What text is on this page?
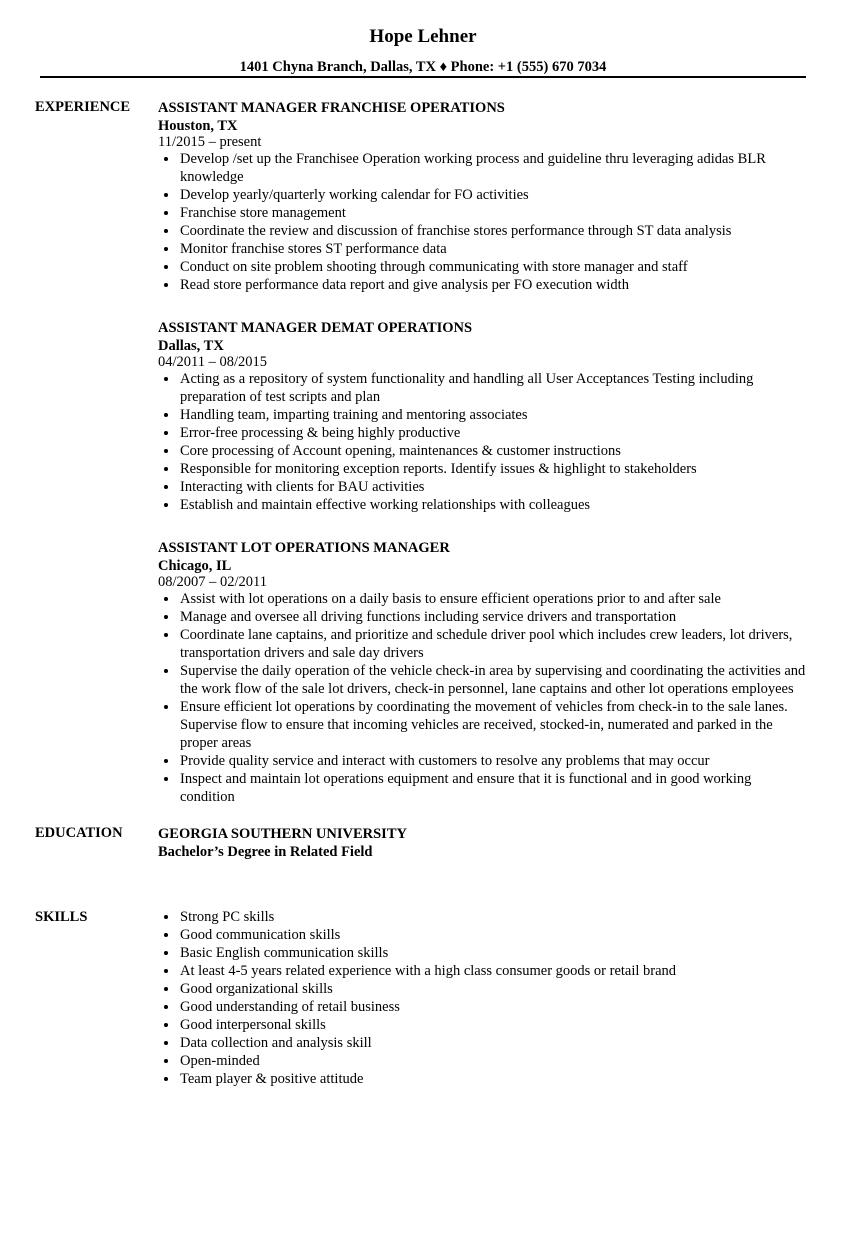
Hope Lehner
1401 Chyna Branch, Dallas, TX ♦ Phone: +1 (555) 670 7034
EXPERIENCE ASSISTANT MANAGER FRANCHISE OPERATIONS
Houston, TX
11/2015 – present
Develop /set up the Franchisee Operation working process and guideline thru leveraging adidas BLR knowledge
Develop yearly/quarterly working calendar for FO activities
Franchise store management
Coordinate the review and discussion of franchise stores performance through ST data analysis
Monitor franchise stores ST performance data
Conduct on site problem shooting through communicating with store manager and staff
Read store performance data report and give analysis per FO execution width
ASSISTANT MANAGER DEMAT OPERATIONS
Dallas, TX
04/2011 – 08/2015
Acting as a repository of system functionality and handling all User Acceptances Testing including preparation of test scripts and plan
Handling team, imparting training and mentoring associates
Error-free processing & being highly productive
Core processing of Account opening, maintenances & customer instructions
Responsible for monitoring exception reports. Identify issues & highlight to stakeholders
Interacting with clients for BAU activities
Establish and maintain effective working relationships with colleagues
ASSISTANT LOT OPERATIONS MANAGER
Chicago, IL
08/2007 – 02/2011
Assist with lot operations on a daily basis to ensure efficient operations prior to and after sale
Manage and oversee all driving functions including service drivers and transportation
Coordinate lane captains, and prioritize and schedule driver pool which includes crew leaders, lot drivers, transportation drivers and sale day drivers
Supervise the daily operation of the vehicle check-in area by supervising and coordinating the activities and the work flow of the sale lot drivers, check-in personnel, lane captains and other lot operations employees
Ensure efficient lot operations by coordinating the movement of vehicles from check-in to the sale lanes. Supervise flow to ensure that incoming vehicles are received, stocked-in, numerated and parked in the proper areas
Provide quality service and interact with customers to resolve any problems that may occur
Inspect and maintain lot operations equipment and ensure that it is functional and in good working condition
EDUCATION GEORGIA SOUTHERN UNIVERSITY
Bachelor’s Degree in Related Field
SKILLS	Strong PC skills
Good communication skills
Basic English communication skills
At least 4-5 years related experience with a high class consumer goods or retail brand
Good organizational skills
Good understanding of retail business
Good interpersonal skills
Data collection and analysis skill
Open-minded
Team player & positive attitude
